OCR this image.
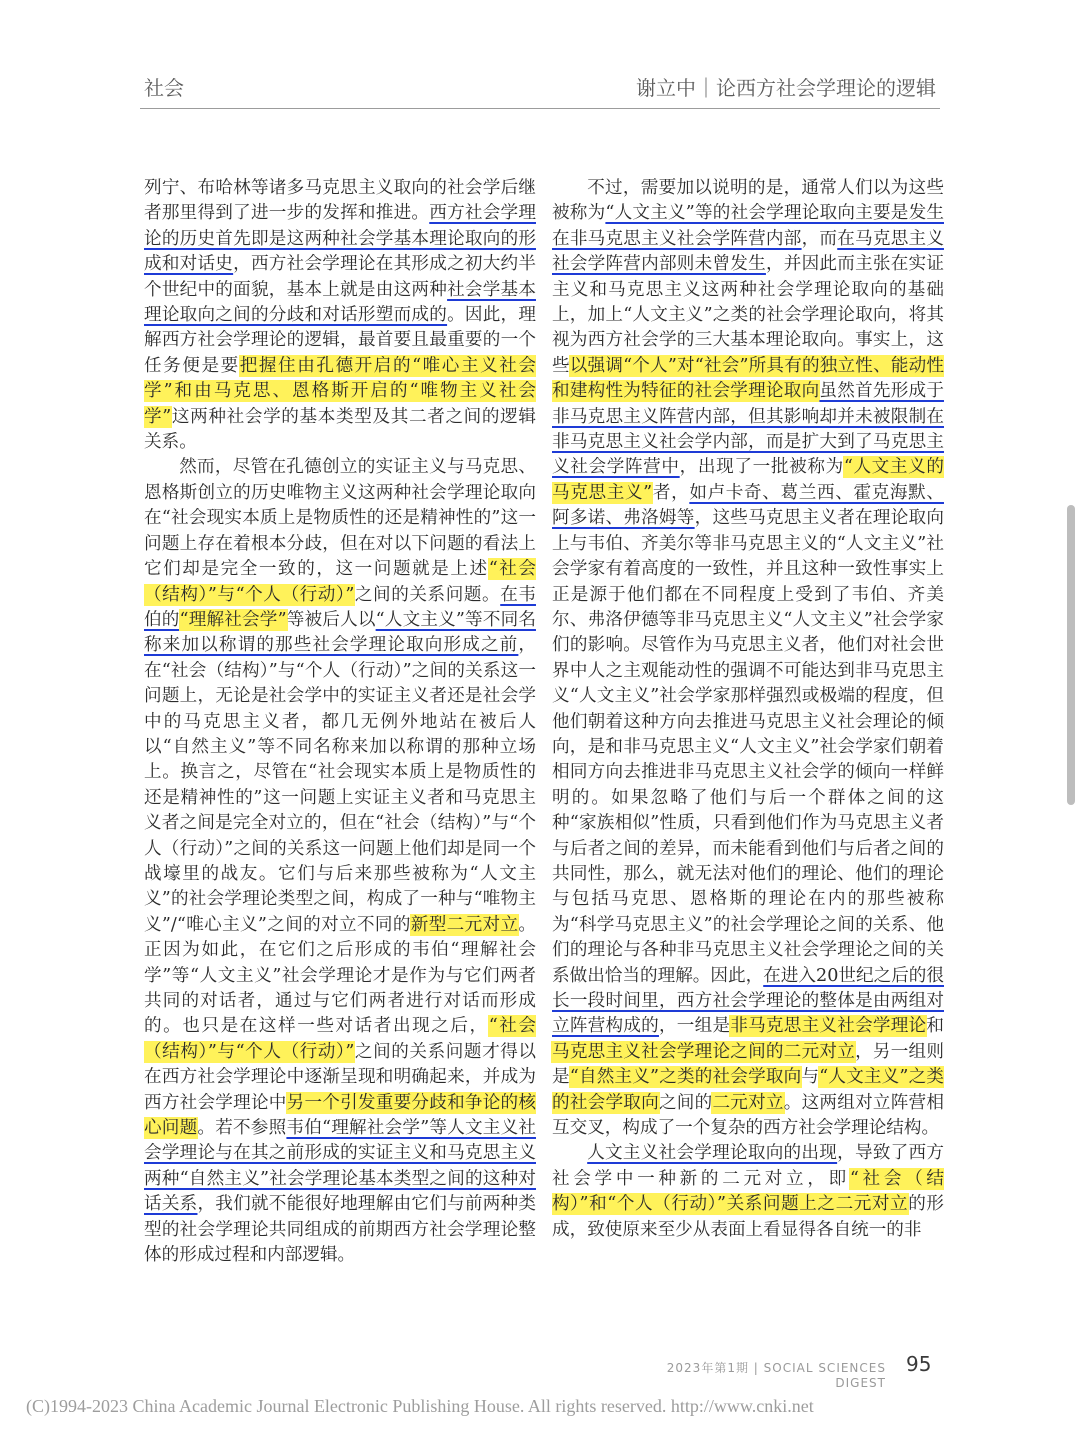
社会	谢立中｜论西方社会学理论的逻辑

列宁、布哈林等诸多马克思主义取向的社会学后继者那里得到了进一步的发挥和推进。西方社会学理论的历史首先即是这两种社会学基本理论取向的形成和对话史，西方社会学理论在其形成之初大约半个世纪中的面貌，基本上就是由这两种社会学基本理论取向之间的分歧和对话形塑而成的。因此，理解西方社会学理论的逻辑，最首要且最重要的一个任务便是要把握住由孔德开启的“唯心主义社会学”和由马克思、恩格斯开启的“唯物主义社会学”这两种社会学的基本类型及其二者之间的逻辑关系。

然而，尽管在孔德创立的实证主义与马克思、恩格斯创立的历史唯物主义这两种社会学理论取向在“社会现实本质上是物质性的还是精神性的”这一问题上存在着根本分歧，但在对以下问题的看法上它们却是完全一致的，这一问题就是上述“社会（结构）”与“个人（行动）”之间的关系问题。在韦伯的“理解社会学”等被后人以“人文主义”等不同名称来加以称谓的那些社会学理论取向形成之前，在“社会（结构）”与“个人（行动）”之间的关系这一问题上，无论是社会学中的实证主义者还是社会学中的马克思主义者，都几无例外地站在被后人以“自然主义”等不同名称来加以称谓的那种立场上。换言之，尽管在“社会现实本质上是物质性的还是精神性的”这一问题上实证主义者和马克思主义者之间是完全对立的，但在“社会（结构）”与“个人（行动）”之间的关系这一问题上他们却是同一个战壕里的战友。它们与后来那些被称为“人文主义”的社会学理论类型之间，构成了一种与“唯物主义”/“唯心主义”之间的对立不同的新型二元对立。正因为如此，在它们之后形成的韦伯“理解社会学”等“人文主义”社会学理论才是作为与它们两者共同的对话者，通过与它们两者进行对话而形成的。也只是在这样一些对话者出现之后，“社会（结构）”与“个人（行动）”之间的关系问题才得以在西方社会学理论中逐渐呈现和明确起来，并成为西方社会学理论中另一个引发重要分歧和争论的核心问题。若不参照韦伯“理解社会学”等人文主义社会学理论与在其之前形成的实证主义和马克思主义两种“自然主义”社会学理论基本类型之间的这种对话关系，我们就不能很好地理解由它们与前两种类型的社会学理论共同组成的前期西方社会学理论整体的形成过程和内部逻辑。

不过，需要加以说明的是，通常人们以为这些被称为“人文主义”等的社会学理论取向主要是发生在非马克思主义社会学阵营内部，而在马克思主义社会学阵营内部则未曾发生，并因此而主张在实证主义和马克思主义这两种社会学理论取向的基础上，加上“人文主义”之类的社会学理论取向，将其视为西方社会学的三大基本理论取向。事实上，这些以强调“个人”对“社会”所具有的独立性、能动性和建构性为特征的社会学理论取向虽然首先形成于非马克思主义阵营内部，但其影响却并未被限制在非马克思主义社会学内部，而是扩大到了马克思主义社会学阵营中，出现了一批被称为“人文主义的马克思主义”者，如卢卡奇、葛兰西、霍克海默、阿多诺、弗洛姆等，这些马克思主义者在理论取向上与韦伯、齐美尔等非马克思主义的“人文主义”社会学家有着高度的一致性，并且这种一致性事实上正是源于他们都在不同程度上受到了韦伯、齐美尔、弗洛伊德等非马克思主义“人文主义”社会学家们的影响。尽管作为马克思主义者，他们对社会世界中人之主观能动性的强调不可能达到非马克思主义“人文主义”社会学家那样强烈或极端的程度，但他们朝着这种方向去推进马克思主义社会理论的倾向，是和非马克思主义“人文主义”社会学家们朝着相同方向去推进非马克思主义社会学的倾向一样鲜明的。如果忽略了他们与后一个群体之间的这种“家族相似”性质，只看到他们作为马克思主义者与后者之间的差异，而未能看到他们与后者之间的共同性，那么，就无法对他们的理论、他们的理论与包括马克思、恩格斯的理论在内的那些被称为“科学马克思主义”的社会学理论之间的关系、他们的理论与各种非马克思主义社会学理论之间的关系做出恰当的理解。因此，在进入20世纪之后的很长一段时间里，西方社会学理论的整体是由两组对立阵营构成的，一组是非马克思主义社会学理论和马克思主义社会学理论之间的二元对立，另一组则是“自然主义”之类的社会学取向与“人文主义”之类的社会学取向之间的二元对立。这两组对立阵营相互交叉，构成了一个复杂的西方社会学理论结构。

人文主义社会学理论取向的出现，导致了西方社会学中一种新的二元对立，即“社会（结构）”和“个人（行动）”关系问题上之二元对立的形成，致使原来至少从表面上看显得各自统一的非

2023年第1期 | SOCIAL SCIENCES DIGEST
95
(C)1994-2023 China Academic Journal Electronic Publishing House. All rights reserved. http://www.cnki.net
